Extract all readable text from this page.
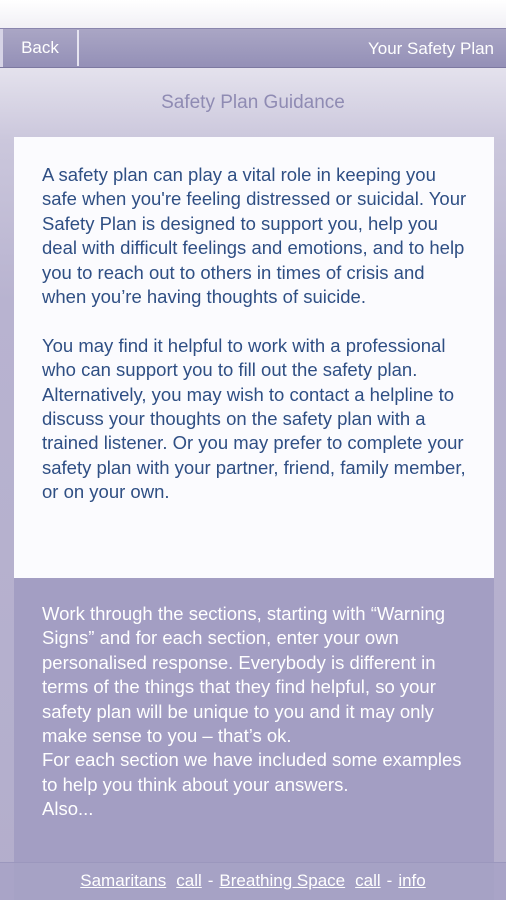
Back	Your Safety Plan
Safety Plan Guidance

A safety plan can play a vital role in keeping you safe when you're feeling distressed or suicidal. Your Safety Plan is designed to support you, help you deal with difficult feelings and emotions, and to help you to reach out to others in times of crisis and when you’re having thoughts of suicide.

You may find it helpful to work with a professional who can support you to fill out the safety plan. Alternatively, you may wish to contact a helpline to discuss your thoughts on the safety plan with a trained listener. Or you may prefer to complete your safety plan with your partner, friend, family member, or on your own.

Work through the sections, starting with “Warning Signs” and for each section, enter your own personalised response. Everybody is different in terms of the things that they find helpful, so your safety plan will be unique to you and it may only make sense to you – that’s ok.

For each section we have included some examples to help you think about your answers.

Also...

Samaritans call - Breathing Space call - info
